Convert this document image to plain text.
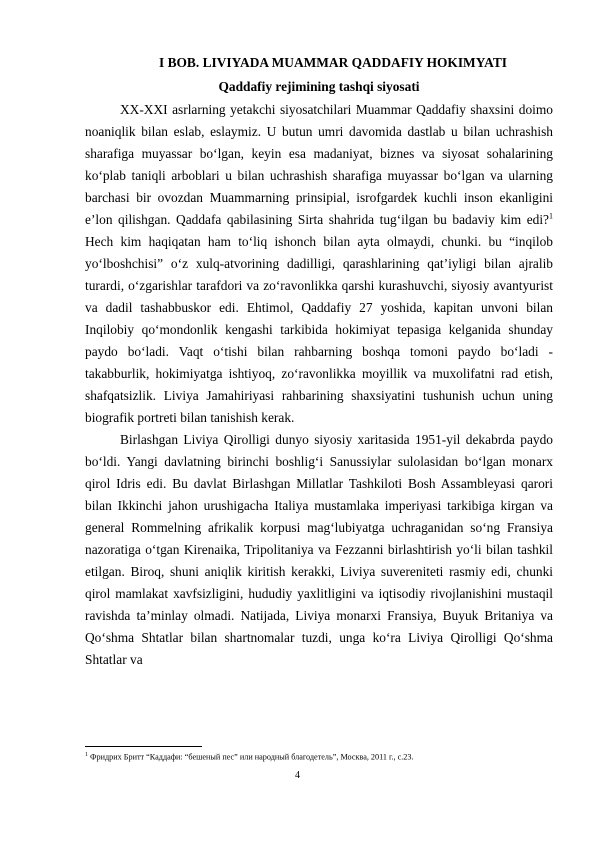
I BOB. LIVIYADA MUAMMAR QADDAFIY HOKIMYATI
Qaddafiy rejimining tashqi siyosati

XX-XXI asrlarning yetakchi siyosatchilari Muammar Qaddafiy shaxsini doimo noaniqlik bilan eslab, eslaymiz. U butun umri davomida dastlab u bilan uchrashish sharafiga muyassar boʻlgan, keyin esa madaniyat, biznes va siyosat sohalarining koʻplab taniqli arboblari u bilan uchrashish sharafiga muyassar boʻlgan va ularning barchasi bir ovozdan Muammarning prinsipial, isrofgardek kuchli inson ekanligini e’lon qilishgan. Qaddafa qabilasining Sirta shahrida tugʻilgan bu badaviy kim edi?$^1$ Hech kim haqiqatan ham toʻliq ishonch bilan ayta olmaydi, chunki. bu “inqilob yoʻlboshchisi” oʻz xulq-atvorining dadilligi, qarashlarining qat’iyligi bilan ajralib turardi, oʻzgarishlar tarafdori va zoʻravonlikka qarshi kurashuvchi, siyosiy avantyurist va dadil tashabbuskor edi. Ehtimol, Qaddafiy 27 yoshida, kapitan unvoni bilan Inqilobiy qoʻmondonlik kengashi tarkibida hokimiyat tepasiga kelganida shunday paydo boʻladi. Vaqt oʻtishi bilan rahbarning boshqa tomoni paydo boʻladi - takabburlik, hokimiyatga ishtiyoq, zoʻravonlikka moyillik va muxolifatni rad etish, shafqatsizlik. Liviya Jamahiriyasi rahbarining shaxsiyatini tushunish uchun uning biografik portreti bilan tanishish kerak.

Birlashgan Liviya Qirolligi dunyo siyosiy xaritasida 1951-yil dekabrda paydo boʻldi. Yangi davlatning birinchi boshligʻi Sanussiylar sulolasidan boʻlgan monarx qirol Idris edi. Bu davlat Birlashgan Millatlar Tashkiloti Bosh Assambleyasi qarori bilan Ikkinchi jahon urushigacha Italiya mustamlaka imperiyasi tarkibiga kirgan va general Rommelning afrikalik korpusi magʻlubiyatga uchraganidan soʻng Fransiya nazoratiga oʻtgan Kirenaika, Tripolitaniya va Fezzanni birlashtirish yoʻli bilan tashkil etilgan. Biroq, shuni aniqlik kiritish kerakki, Liviya suvereniteti rasmiy edi, chunki qirol mamlakat xavfsizligini, hududiy yaxlitligini va iqtisodiy rivojlanishini mustaqil ravishda ta’minlay olmadi. Natijada, Liviya monarxi Fransiya, Buyuk Britaniya va Qoʻshma Shtatlar bilan shartnomalar tuzdi, unga koʻra Liviya Qirolligi Qoʻshma Shtatlar va

$^1$ Фридрих Бритт “Каддафи: “бешеный пес” или народный благодетель”, Москва, 2011 г., с.23.
4
